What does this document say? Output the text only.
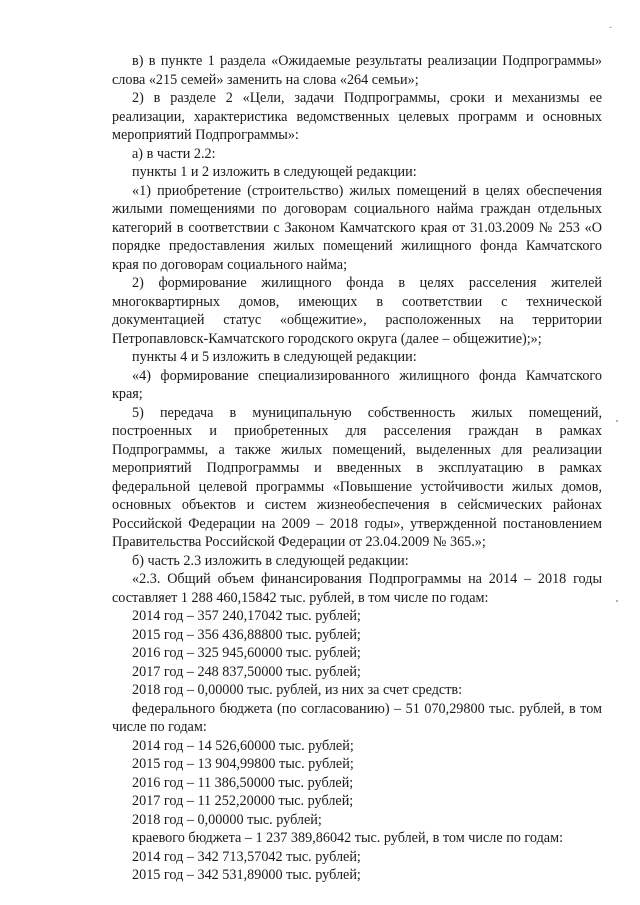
-

в) в пункте 1 раздела «Ожидаемые результаты реализации Подпрограммы» слова «215 семей» заменить на слова «264 семьи»;

2) в разделе 2 «Цели, задачи Подпрограммы, сроки и механизмы ее реализации, характеристика ведомственных целевых программ и основных мероприятий Подпрограммы»:

а) в части 2.2:

пункты 1 и 2 изложить в следующей редакции:

«1) приобретение (строительство) жилых помещений в целях обеспечения жилыми помещениями по договорам социального найма граждан отдельных категорий в соответствии с Законом Камчатского края от 31.03.2009 № 253 «О порядке предоставления жилых помещений жилищного фонда Камчатского края по договорам социального найма;

2) формирование жилищного фонда в целях расселения жителей многоквартирных домов, имеющих в соответствии с технической документацией статус «общежитие», расположенных на территории Петропавловск-Камчатского городского округа (далее – общежитие);»;

пункты 4 и 5 изложить в следующей редакции:

«4) формирование специализированного жилищного фонда Камчатского края;

5) передача в муниципальную собственность жилых помещений, построенных и приобретенных для расселения граждан в рамках Подпрограммы, а также жилых помещений, выделенных для реализации мероприятий Подпрограммы и введенных в эксплуатацию в рамках федеральной целевой программы «Повышение устойчивости жилых домов, основных объектов и систем жизнеобеспечения в сейсмических районах Российской Федерации на 2009 – 2018 годы», утвержденной постановлением Правительства Российской Федерации от 23.04.2009 № 365.»;

б) часть 2.3 изложить в следующей редакции:

«2.3. Общий объем финансирования Подпрограммы на 2014 – 2018 годы составляет 1 288 460,15842 тыс. рублей, в том числе по годам:

2014 год – 357 240,17042 тыс. рублей;

2015 год – 356 436,88800 тыс. рублей;

2016 год – 325 945,60000 тыс. рублей;

2017 год – 248 837,50000 тыс. рублей;

2018 год – 0,00000 тыс. рублей, из них за счет средств:

федерального бюджета (по согласованию) – 51 070,29800 тыс. рублей, в том числе по годам:

2014 год – 14 526,60000 тыс. рублей;

2015 год – 13 904,99800 тыс. рублей;

2016 год – 11 386,50000 тыс. рублей;

2017 год – 11 252,20000 тыс. рублей;

2018 год – 0,00000 тыс. рублей;

краевого бюджета – 1 237 389,86042 тыс. рублей, в том числе по годам:

2014 год – 342 713,57042 тыс. рублей;

2015 год – 342 531,89000 тыс. рублей;
